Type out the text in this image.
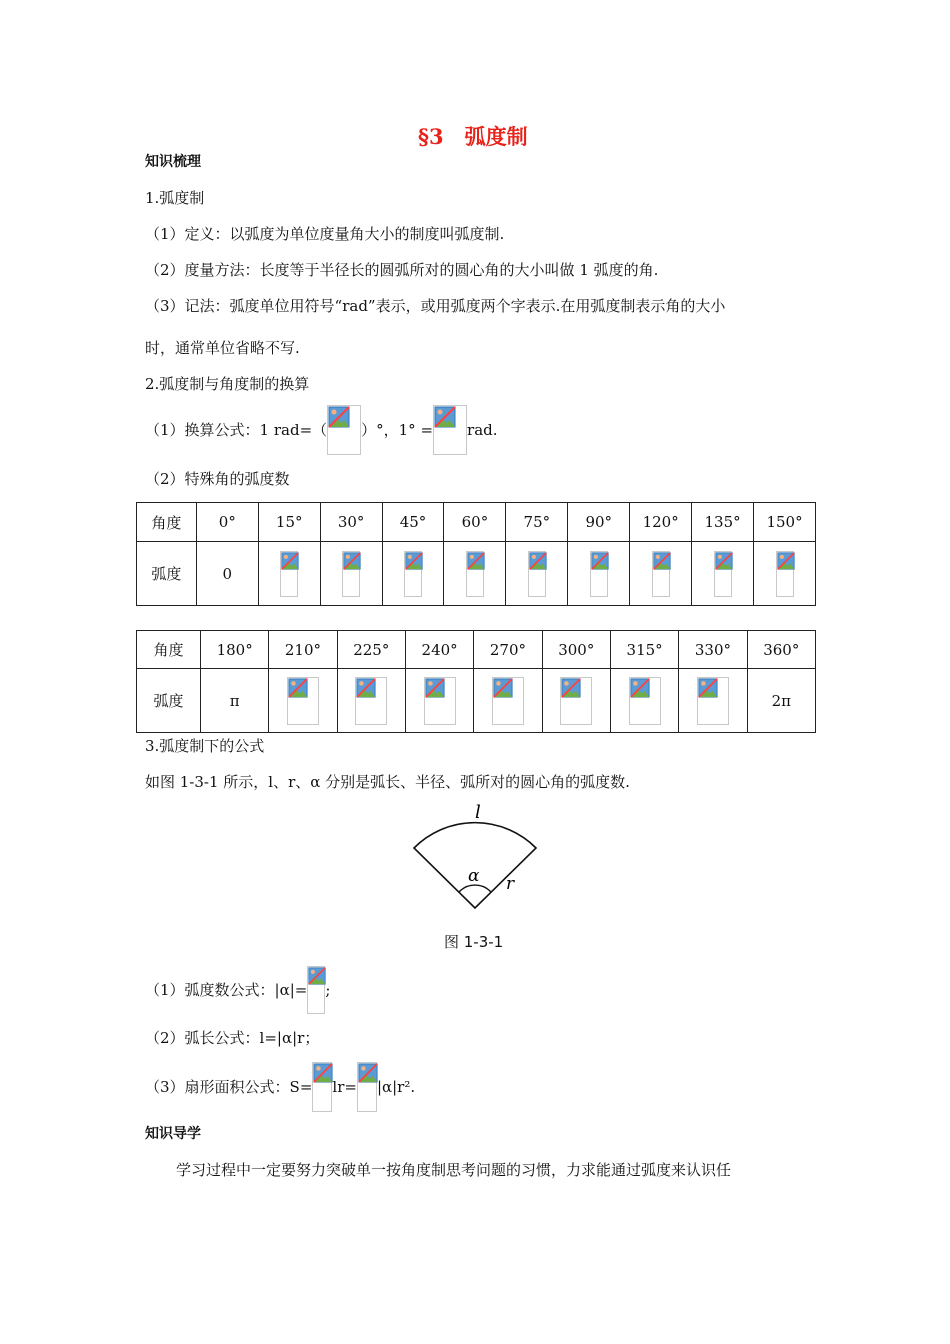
§3　弧度制
知识梳理
1.弧度制
（1）定义：以弧度为单位度量角大小的制度叫弧度制.
（2）度量方法：长度等于半径长的圆弧所对的圆心角的大小叫做 1 弧度的角.
（3）记法：弧度单位用符号“rad”表示，或用弧度两个字表示.在用弧度制表示角的大小
时，通常单位省略不写.
2.弧度制与角度制的换算
（1）换算公式：1 rad=（ ）°，1° = rad.
（2）特殊角的弧度数
角度	0°	15°	30°	45°	60°	75°	90°	120°	135°	150°
弧度	0	

角度	180°	210°	225°	240°	270°	300°	315°	330°	360°
弧度	π								2π
3.弧度制下的公式
如图 1-3-1 所示，l、r、α 分别是弧长、半径、弧所对的圆心角的弧度数.
l
α r
图 1-3-1
（1）弧度数公式：|α|= ;
（2）弧长公式：l=|α|r；
（3）扇形面积公式：S= lr= |α|r².
知识导学
学习过程中一定要努力突破单一按角度制思考问题的习惯，力求能通过弧度来认识任
